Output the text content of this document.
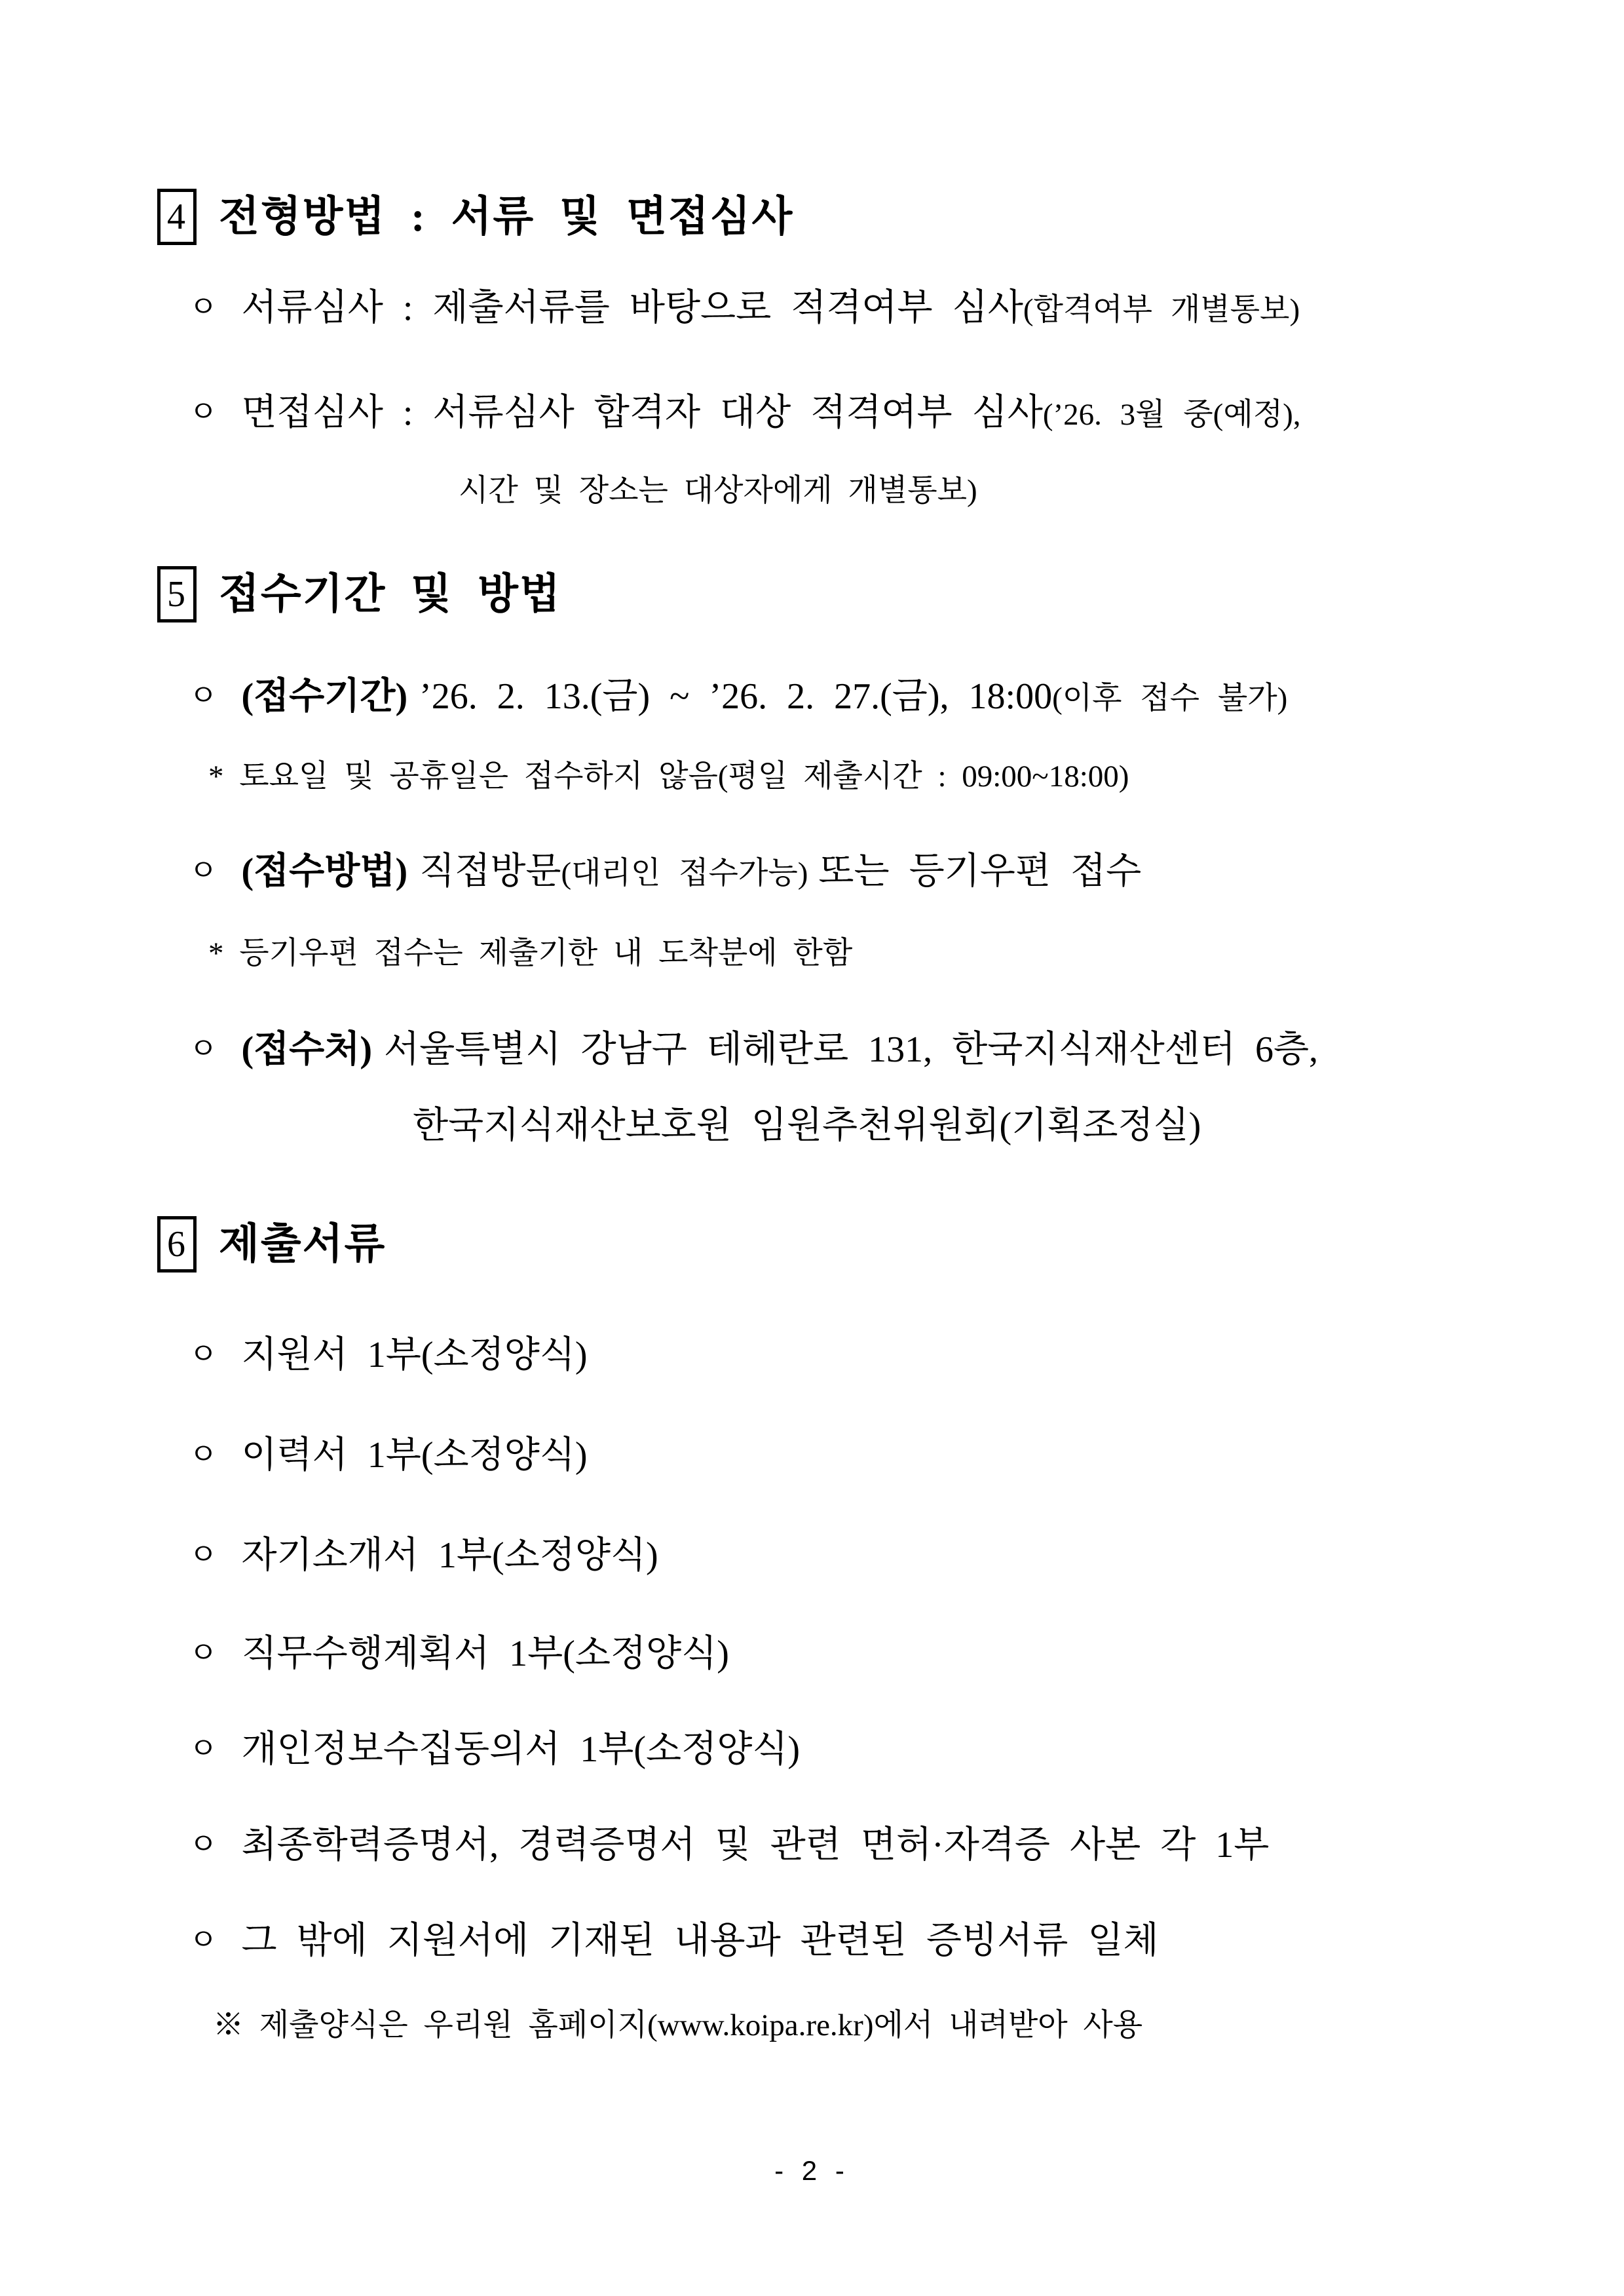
4 전형방법 : 서류 및 면접심사
ㅇ 서류심사 : 제출서류를 바탕으로 적격여부 심사(합격여부 개별통보)
ㅇ 면접심사 : 서류심사 합격자 대상 적격여부 심사(’26. 3월 중(예정),
시간 및 장소는 대상자에게 개별통보)
5 접수기간 및 방법
ㅇ (접수기간) ’26. 2. 13.(금) ~ ’26. 2. 27.(금), 18:00(이후 접수 불가)
* 토요일 및 공휴일은 접수하지 않음(평일 제출시간 : 09:00~18:00)
ㅇ (접수방법) 직접방문(대리인 접수가능) 또는 등기우편 접수
* 등기우편 접수는 제출기한 내 도착분에 한함
ㅇ (접수처) 서울특별시 강남구 테헤란로 131, 한국지식재산센터 6층,
한국지식재산보호원 임원추천위원회(기획조정실)
6 제출서류
ㅇ 지원서 1부(소정양식)
ㅇ 이력서 1부(소정양식)
ㅇ 자기소개서 1부(소정양식)
ㅇ 직무수행계획서 1부(소정양식)
ㅇ 개인정보수집동의서 1부(소정양식)
ㅇ 최종학력증명서, 경력증명서 및 관련 면허·자격증 사본 각 1부
ㅇ 그 밖에 지원서에 기재된 내용과 관련된 증빙서류 일체
※ 제출양식은 우리원 홈페이지(www.koipa.re.kr)에서 내려받아 사용
- 2 -
